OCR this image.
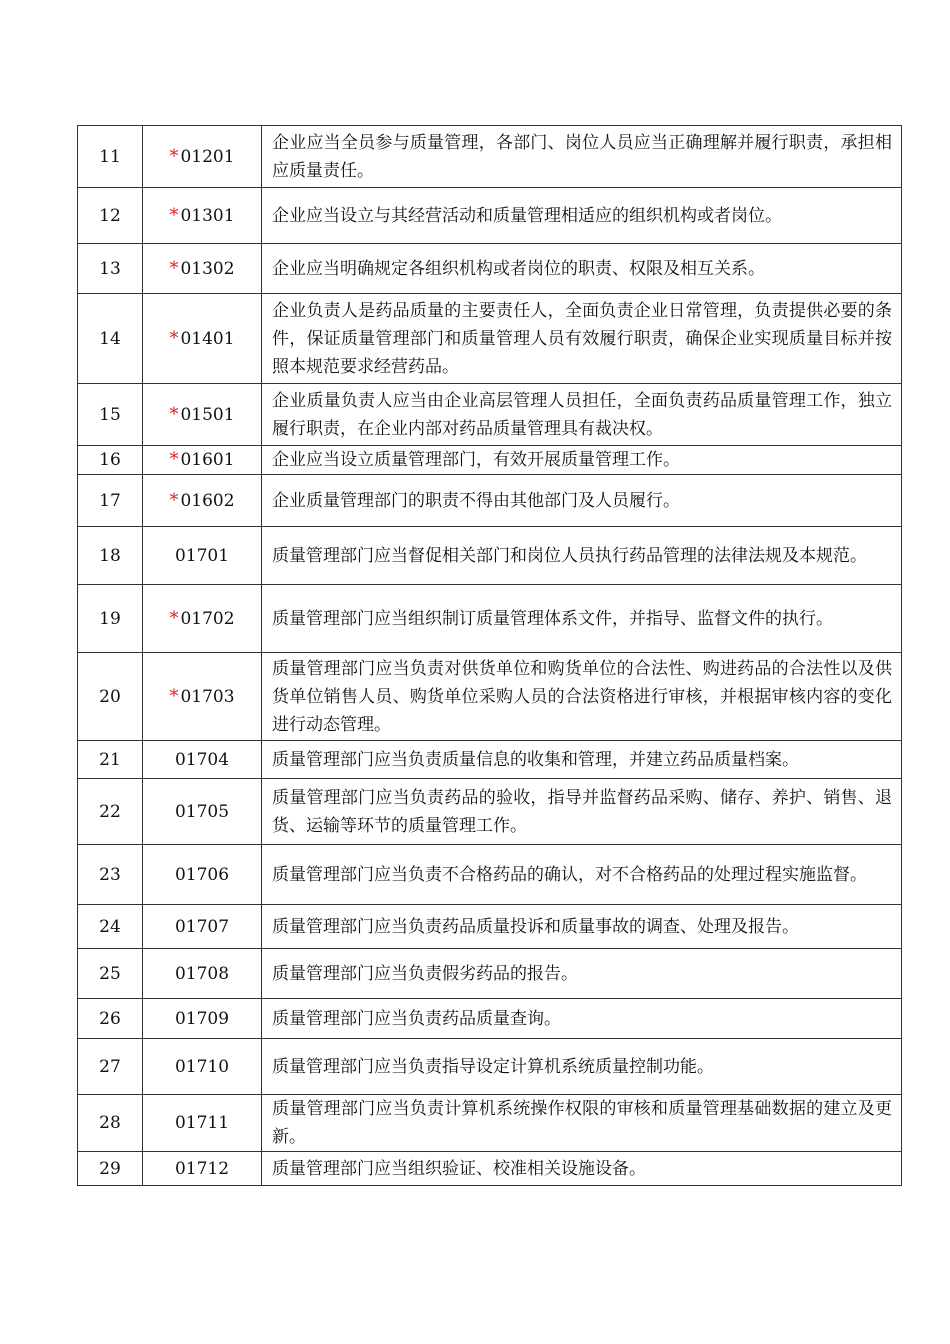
11	* 01201	企业应当全员参与质量管理，各部门、岗位人员应当正确理解并履行职责，承担相应质量责任。
12	* 01301	企业应当设立与其经营活动和质量管理相适应的组织机构或者岗位。
13	* 01302	企业应当明确规定各组织机构或者岗位的职责、权限及相互关系。
14	* 01401	企业负责人是药品质量的主要责任人，全面负责企业日常管理，负责提供必要的条件，保证质量管理部门和质量管理人员有效履行职责，确保企业实现质量目标并按照本规范要求经营药品。
15	* 01501	企业质量负责人应当由企业高层管理人员担任，全面负责药品质量管理工作，独立履行职责，在企业内部对药品质量管理具有裁决权。
16	* 01601	企业应当设立质量管理部门，有效开展质量管理工作。
17	* 01602	企业质量管理部门的职责不得由其他部门及人员履行。
18	01701	质量管理部门应当督促相关部门和岗位人员执行药品管理的法律法规及本规范。
19	* 01702	质量管理部门应当组织制订质量管理体系文件，并指导、监督文件的执行。
20	* 01703	质量管理部门应当负责对供货单位和购货单位的合法性、购进药品的合法性以及供货单位销售人员、购货单位采购人员的合法资格进行审核，并根据审核内容的变化进行动态管理。
21	01704	质量管理部门应当负责质量信息的收集和管理，并建立药品质量档案。
22	01705	质量管理部门应当负责药品的验收，指导并监督药品采购、储存、养护、销售、退货、运输等环节的质量管理工作。
23	01706	质量管理部门应当负责不合格药品的确认，对不合格药品的处理过程实施监督。
24	01707	质量管理部门应当负责药品质量投诉和质量事故的调查、处理及报告。
25	01708	质量管理部门应当负责假劣药品的报告。
26	01709	质量管理部门应当负责药品质量查询。
27	01710	质量管理部门应当负责指导设定计算机系统质量控制功能。
28	01711	质量管理部门应当负责计算机系统操作权限的审核和质量管理基础数据的建立及更新。
29	01712	质量管理部门应当组织验证、校准相关设施设备。
